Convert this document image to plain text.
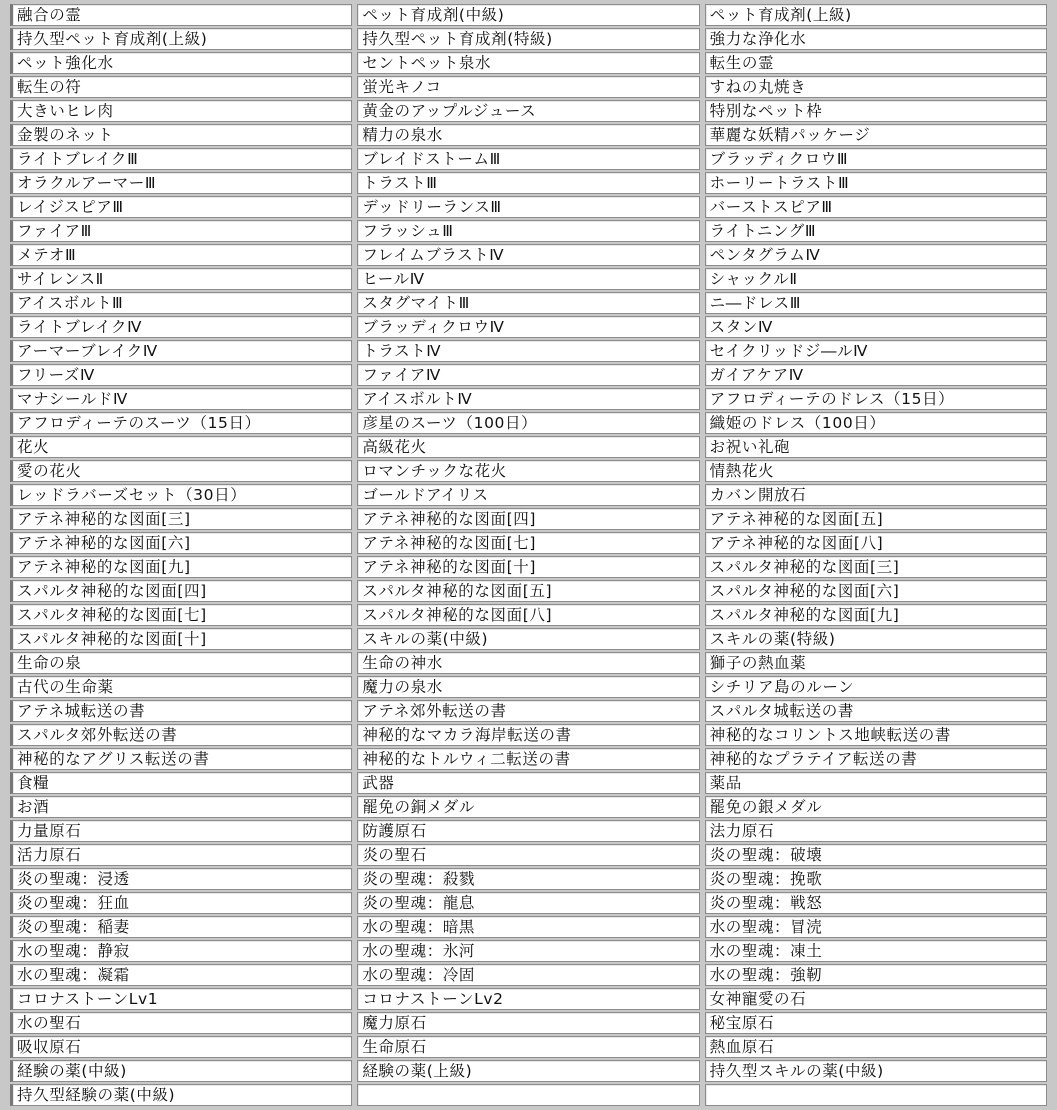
融合の霊	ペット育成剤(中級)	ペット育成剤(上級)
持久型ペット育成剤(上級)	持久型ペット育成剤(特級)	強力な浄化水
ペット強化水	セントペット泉水	転生の霊
転生の符	蛍光キノコ	すねの丸焼き
大きいヒレ肉	黄金のアップルジュース	特別なペット枠
金製のネット	精力の泉水	華麗な妖精パッケージ
ライトブレイクⅢ	ブレイドストームⅢ	ブラッディクロウⅢ
オラクルアーマーⅢ	トラストⅢ	ホーリートラストⅢ
レイジスピアⅢ	デッドリーランスⅢ	バーストスピアⅢ
ファイアⅢ	フラッシュⅢ	ライトニングⅢ
メテオⅢ	フレイムブラストⅣ	ペンタグラムⅣ
サイレンスⅡ	ヒールⅣ	シャックルⅡ
アイスボルトⅢ	スタグマイトⅢ	ニ―ドレスⅢ
ライトブレイクⅣ	ブラッディクロウⅣ	スタンⅣ
アーマーブレイクⅣ	トラストⅣ	セイクリッドジ―ルⅣ
フリーズⅣ	ファイアⅣ	ガイアケアⅣ
マナシールドⅣ	アイスボルトⅣ	アフロディーテのドレス（15日）
アフロディーテのスーツ（15日）	彦星のスーツ（100日）	織姫のドレス（100日）
花火	高級花火	お祝い礼砲
愛の花火	ロマンチックな花火	情熱花火
レッドラバーズセット（30日）	ゴールドアイリス	カバン開放石
アテネ神秘的な図面[三]	アテネ神秘的な図面[四]	アテネ神秘的な図面[五]
アテネ神秘的な図面[六]	アテネ神秘的な図面[七]	アテネ神秘的な図面[八]
アテネ神秘的な図面[九]	アテネ神秘的な図面[十]	スパルタ神秘的な図面[三]
スパルタ神秘的な図面[四]	スパルタ神秘的な図面[五]	スパルタ神秘的な図面[六]
スパルタ神秘的な図面[七]	スパルタ神秘的な図面[八]	スパルタ神秘的な図面[九]
スパルタ神秘的な図面[十]	スキルの薬(中級)	スキルの薬(特級)
生命の泉	生命の神水	獅子の熱血薬
古代の生命薬	魔力の泉水	シチリア島のルーン
アテネ城転送の書	アテネ郊外転送の書	スパルタ城転送の書
スパルタ郊外転送の書	神秘的なマカラ海岸転送の書	神秘的なコリントス地峡転送の書
神秘的なアグリス転送の書	神秘的なトルウィ二転送の書	神秘的なプラテイア転送の書
食糧	武器	薬品
お酒	罷免の銅メダル	罷免の銀メダル
力量原石	防護原石	法力原石
活力原石	炎の聖石	炎の聖魂：破壊
炎の聖魂：浸透	炎の聖魂：殺戮	炎の聖魂：挽歌
炎の聖魂：狂血	炎の聖魂：龍息	炎の聖魂：戦怒
炎の聖魂：稲妻	水の聖魂：暗黒	水の聖魂：冒涜
水の聖魂：静寂	水の聖魂：氷河	水の聖魂：凍土
水の聖魂：凝霜	水の聖魂：冷固	水の聖魂：強靭
コロナストーンLv1	コロナストーンLv2	女神寵愛の石
水の聖石	魔力原石	秘宝原石
吸収原石	生命原石	熱血原石
経験の薬(中級)	経験の薬(上級)	持久型スキルの薬(中級)
持久型経験の薬(中級)		
